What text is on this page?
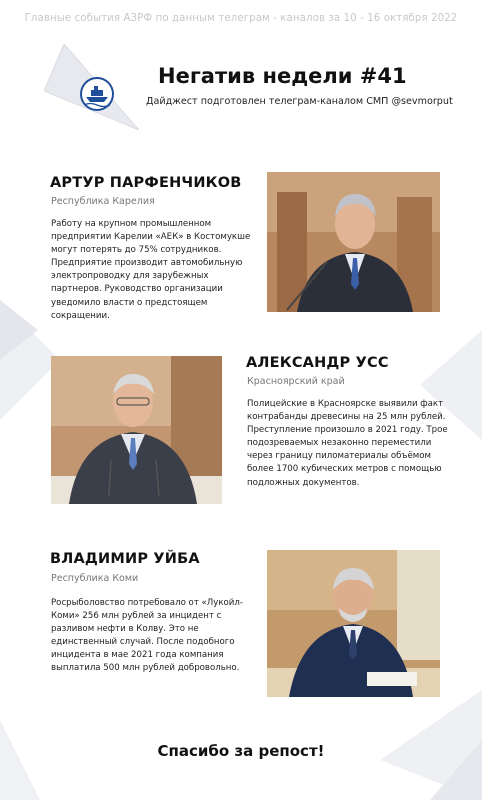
Главные события АЗРФ по данным телеграм - каналов за 10 - 16 октября 2022
Негатив недели #41
Дайджест подготовлен телеграм-каналом СМП @sevmorput
АРТУР ПАРФЕНЧИКОВ
Республика Карелия
Работу на крупном промышленном
предприятии Карелии «АЕК» в Костомукше
могут потерять до 75% сотрудников.
Предприятие производит автомобильную
электропроводку для зарубежных
партнеров. Руководство организации
уведомило власти о предстоящем
сокращении.
АЛЕКСАНДР УСС
Красноярский край
Полицейские в Красноярске выявили факт
контрабанды древесины на 25 млн рублей.
Преступление произошло в 2021 году. Трое
подозреваемых незаконно переместили
через границу пиломатериалы объёмом
более 1700 кубических метров с помощью
подложных документов.
ВЛАДИМИР УЙБА
Республика Коми
Росрыболовство потребовало от «Лукойл-
Коми» 256 млн рублей за инцидент с
разливом нефти в Колву. Это не
единственный случай. После подобного
инцидента в мае 2021 года компания
выплатила 500 млн рублей добровольно.
Спасибо за репост!
